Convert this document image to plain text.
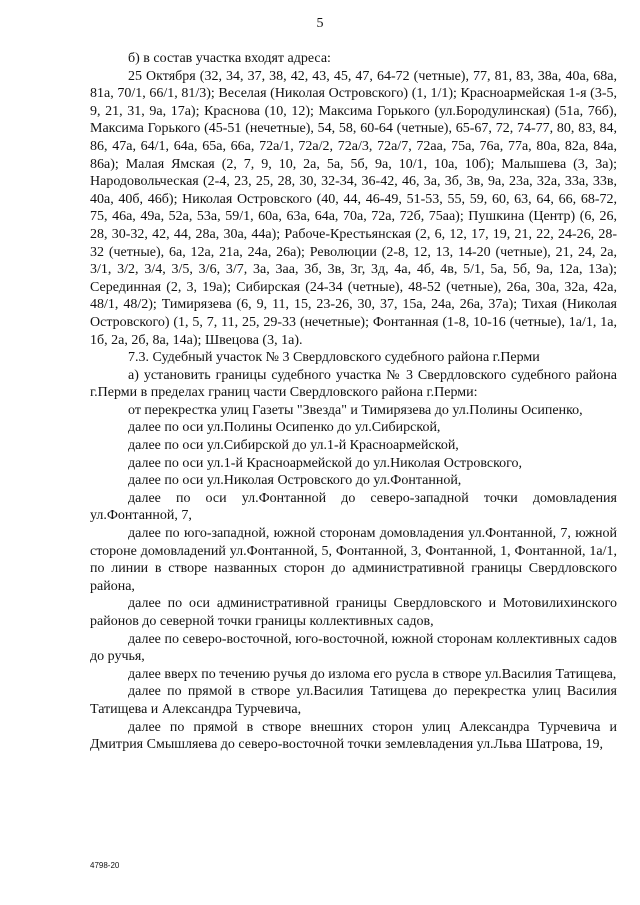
5

б) в состав участка входят адреса:

25 Октября (32, 34, 37, 38, 42, 43, 45, 47, 64-72 (четные), 77, 81, 83, 38а, 40а, 68а, 81а, 70/1, 66/1, 81/3); Веселая (Николая Островского) (1, 1/1); Красноармейская 1-я (3-5, 9, 21, 31, 9а, 17а); Краснова (10, 12); Максима Горького (ул.Бородулинская) (51а, 76б), Максима Горького (45-51 (нечетные), 54, 58, 60-64 (четные), 65-67, 72, 74-77, 80, 83, 84, 86, 47а, 64/1, 64а, 65а, 66а, 72а/1, 72а/2, 72а/3, 72а/7, 72аа, 75а, 76а, 77а, 80а, 82а, 84а, 86а); Малая Ямская (2, 7, 9, 10, 2а, 5а, 5б, 9а, 10/1, 10а, 10б); Малышева (3, 3а); Народовольческая (2-4, 23, 25, 28, 30, 32-34, 36-42, 46, 3а, 3б, 3в, 9а, 23а, 32а, 33а, 33в, 40а, 40б, 46б); Николая Островского (40, 44, 46-49, 51-53, 55, 59, 60, 63, 64, 66, 68-72, 75, 46а, 49а, 52а, 53а, 59/1, 60а, 63а, 64а, 70а, 72а, 72б, 75аа); Пушкина (Центр) (6, 26, 28, 30-32, 42, 44, 28а, 30а, 44а); Рабоче-Крестьянская (2, 6, 12, 17, 19, 21, 22, 24-26, 28-32 (четные), 6а, 12а, 21а, 24а, 26а); Революции (2-8, 12, 13, 14-20 (четные), 21, 24, 2а, 3/1, 3/2, 3/4, 3/5, 3/6, 3/7, 3а, 3аа, 3б, 3в, 3г, 3д, 4а, 4б, 4в, 5/1, 5а, 5б, 9а, 12а, 13а); Серединная (2, 3, 19а); Сибирская (24-34 (четные), 48-52 (четные), 26а, 30а, 32а, 42а, 48/1, 48/2); Тимирязева (6, 9, 11, 15, 23-26, 30, 37, 15а, 24а, 26а, 37а); Тихая (Николая Островского) (1, 5, 7, 11, 25, 29-33 (нечетные); Фонтанная (1-8, 10-16 (четные), 1а/1, 1а, 1б, 2а, 2б, 8а, 14а); Швецова (3, 1а).

7.3. Судебный участок № 3 Свердловского судебного района г.Перми

а) установить границы судебного участка № 3 Свердловского судебного района г.Перми в пределах границ части Свердловского района г.Перми:

от перекрестка улиц Газеты "Звезда" и Тимирязева до ул.Полины Осипенко,

далее по оси ул.Полины Осипенко до ул.Сибирской,

далее по оси ул.Сибирской до ул.1-й Красноармейской,

далее по оси ул.1-й Красноармейской до ул.Николая Островского,

далее по оси ул.Николая Островского до ул.Фонтанной,

далее по оси ул.Фонтанной до северо-западной точки домовладения ул.Фонтанной, 7,

далее по юго-западной, южной сторонам домовладения ул.Фонтанной, 7, южной стороне домовладений ул.Фонтанной, 5, Фонтанной, 3, Фонтанной, 1, Фонтанной, 1а/1, по линии в створе названных сторон до административной границы Свердловского района,

далее по оси административной границы Свердловского и Мотовилихинского районов до северной точки границы коллективных садов,

далее по северо-восточной, юго-восточной, южной сторонам коллективных садов до ручья,

далее вверх по течению ручья до излома его русла в створе ул.Василия Татищева,

далее по прямой в створе ул.Василия Татищева до перекрестка улиц Василия Татищева и Александра Турчевича,

далее по прямой в створе внешних сторон улиц Александра Турчевича и Дмитрия Смышляева до северо-восточной точки землевладения ул.Льва Шатрова, 19,

4798-20
